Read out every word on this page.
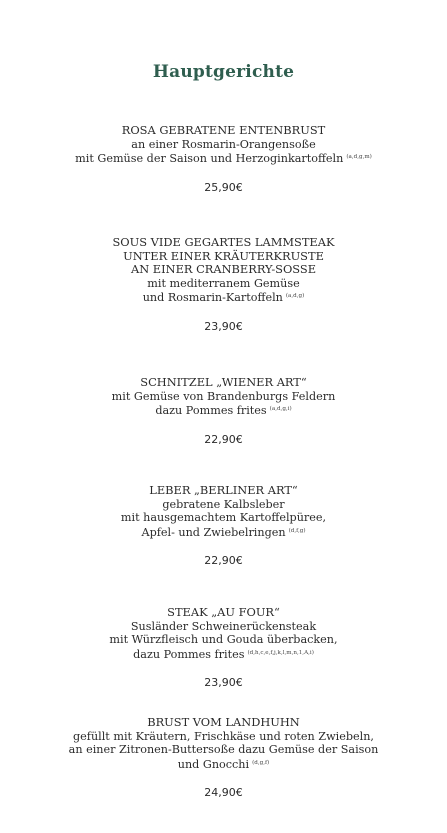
Hauptgerichte
ROSA GEBRATENE ENTENBRUST
an einer Rosmarin-Orangensoße
mit Gemüse der Saison und Herzoginkartoffeln $^{(a,d,g,m)}$
25,90€
SOUS VIDE GEGARTES LAMMSTEAK
UNTER EINER KRÄUTERKRUSTE
AN EINER CRANBERRY-SOSSE
mit mediterranem Gemüse
und Rosmarin-Kartoffeln $^{(a,d,g)}$
23,90€
SCHNITZEL „WIENER ART“
mit Gemüse von Brandenburgs Feldern
dazu Pommes frites $^{(a,d,g,i)}$
22,90€
LEBER „BERLINER ART“
gebratene Kalbsleber
mit hausgemachtem Kartoffelpüree,
Apfel- und Zwiebelringen $^{(d,f,g)}$
22,90€
STEAK „AU FOUR“
Susländer Schweinerückensteak
mit Würzfleisch und Gouda überbacken,
dazu Pommes frites $^{(d,h,c,e,f,j,k,l,m,n,1,A,i)}$
23,90€
BRUST VOM LANDHUHN
gefüllt mit Kräutern, Frischkäse und roten Zwiebeln,
an einer Zitronen-Buttersoße dazu Gemüse der Saison
und Gnocchi $^{(d,g,f)}$
24,90€
